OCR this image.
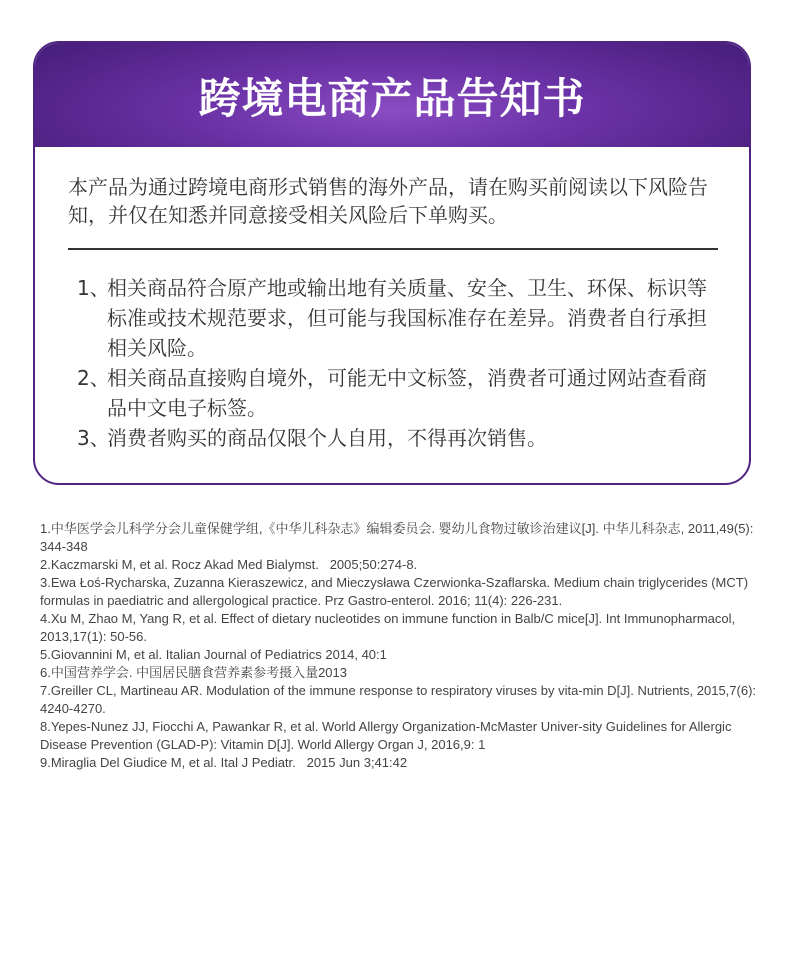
跨境电商产品告知书

本产品为通过跨境电商形式销售的海外产品，请在购买前阅读以下风险告知，并仅在知悉并同意接受相关风险后下单购买。

1、
相关商品符合原产地或输出地有关质量、安全、卫生、环保、标识等标准或技术规范要求，但可能与我国标准存在差异。消费者自行承担相关风险。
2、
相关商品直接购自境外，可能无中文标签，消费者可通过网站查看商品中文电子标签。
3、
消费者购买的商品仅限个人自用，不得再次销售。

1.中华医学会儿科学分会儿童保健学组,《中华儿科杂志》编辑委员会. 婴幼儿食物过敏诊治建议[J]. 中华儿科杂志, 2011,49(5): 344-348

2.Kaczmarski M, et al. Rocz Akad Med Bialymst.   2005;50:274-8.

3.Ewa Łoś-Rycharska, Zuzanna Kieraszewicz, and Mieczysława Czerwionka-Szaflarska. Medium chain triglycerides (MCT) formulas in paediatric and allergological practice. Prz Gastro-enterol. 2016; 11(4): 226-231.

4.Xu M, Zhao M, Yang R, et al. Effect of dietary nucleotides on immune function in Balb/C mice[J]. Int Immunopharmacol, 2013,17(1): 50-56.

5.Giovannini M, et al. Italian Journal of Pediatrics 2014, 40:1

6.中国营养学会. 中国居民膳食营养素参考摄入量2013

7.Greiller CL, Martineau AR. Modulation of the immune response to respiratory viruses by vita-min D[J]. Nutrients, 2015,7(6): 4240-4270.

8.Yepes-Nunez JJ, Fiocchi A, Pawankar R, et al. World Allergy Organization-McMaster Univer-sity Guidelines for Allergic Disease Prevention (GLAD-P): Vitamin D[J]. World Allergy Organ J, 2016,9: 1

9.Miraglia Del Giudice M, et al. Ital J Pediatr.   2015 Jun 3;41:42
